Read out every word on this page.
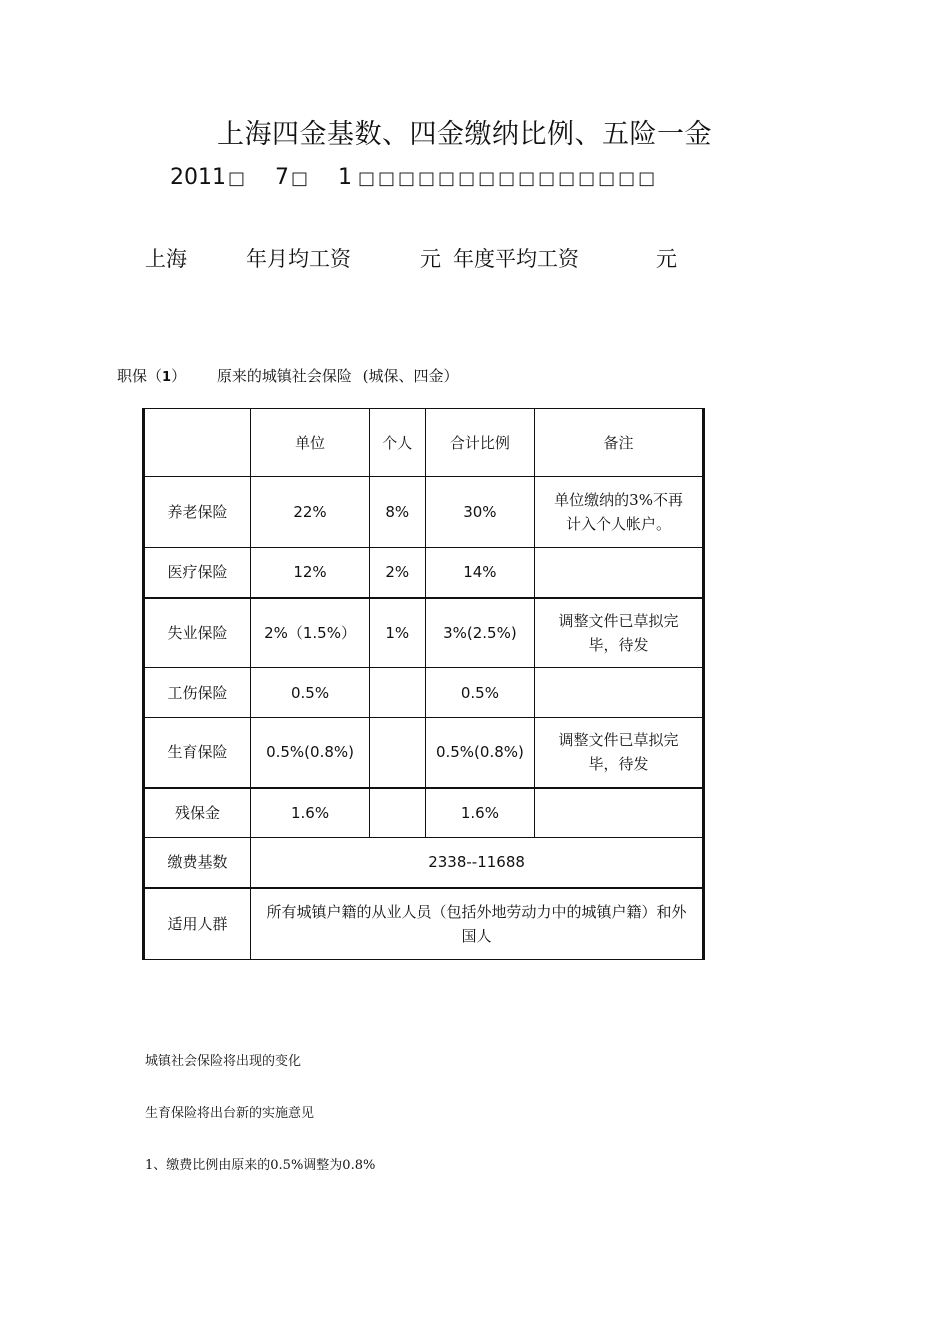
上海四金基数、四金缴纳比例、五险一金
2011 □ 7 □ 1 □□□□□□□□□□□□□□□
上海	年月均工资	元 年度平均工资	元
职保（1） 原来的城镇社会保险 (城保、四金）
	单位	个人	合计比例	备注
养老保险	22%	8%	30%	单位缴纳的3%不再计入个人帐户。
医疗保险	12%	2%	14%	
失业保险	2%（1.5%）	1%	3%(2.5%)	调整文件已草拟完毕，待发
工伤保险	0.5%		0.5%	
生育保险	0.5%(0.8%)		0.5%(0.8%)	调整文件已草拟完毕，待发
残保金	1.6%		1.6%	
缴费基数	2338--11688			
适用人群	所有城镇户籍的从业人员（包括外地劳动力中的城镇户籍）和外国人			
城镇社会保险将出现的变化
生育保险将出台新的实施意见
1、缴费比例由原来的0.5%调整为0.8%
